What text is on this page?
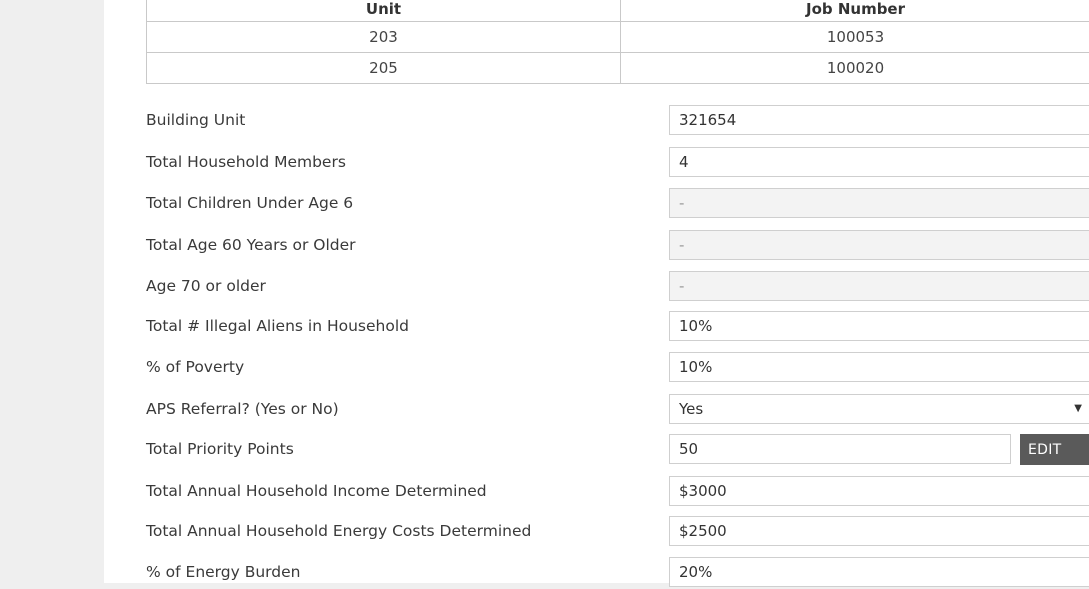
Unit	Job Number
203	100053
205	100020
Building Unit	321654
Total Household Members	4
Total Children Under Age 6	-
Total Age 60 Years or Older	-
Age 70 or older	-
Total # Illegal Aliens in Household	10%
% of Poverty	10%
APS Referral? (Yes or No)	Yes	▼
Total Priority Points	50	EDIT
Total Annual Household Income Determined	$3000
Total Annual Household Energy Costs Determined	$2500
% of Energy Burden	20%
